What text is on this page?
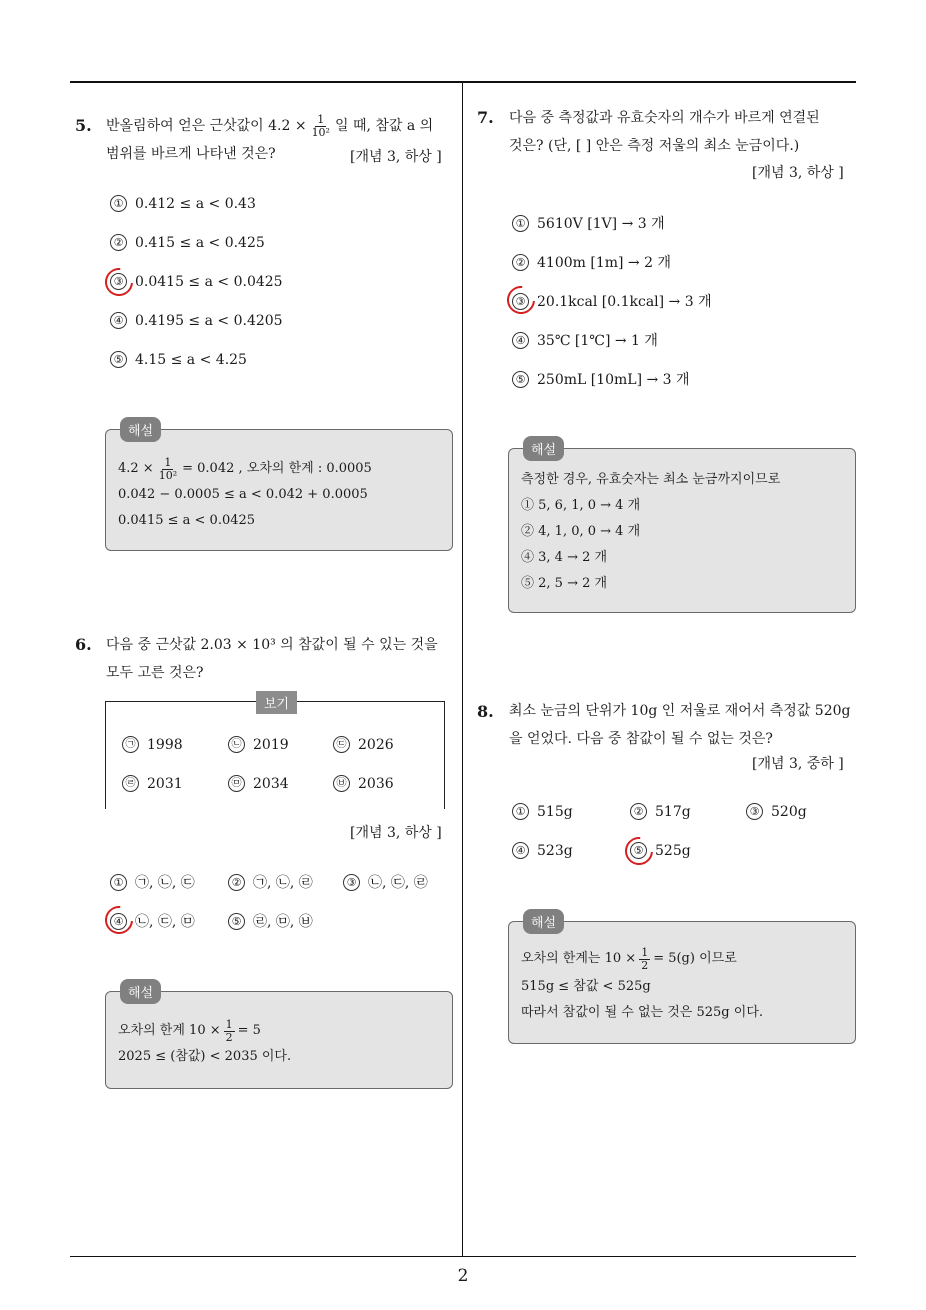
5. 반올림하여 얻은 근삿값이 $4.2 \times \frac{1}{\text{10²}}$ 일 때, 참값 a 의
범위를 바르게 나타낸 것은?	[개념 3, 하상 ]
① 0.412 ≤ a < 0.43
② 0.415 ≤ a < 0.425
③ 0.0415 ≤ a < 0.0425
④ 0.4195 ≤ a < 0.4205
⑤ 4.15 ≤ a < 4.25
해설
$4.2 \times \frac{1}{\text{10²}} = 0.042$ , 오차의 한계 : 0.0005
0.042 − 0.0005 ≤ a < 0.042 + 0.0005
0.0415 ≤ a < 0.0425
6. 다음 중 근삿값 2.03 × 10³ 의 참값이 될 수 있는 것을
모두 고른 것은?
보기
㉠ 1998	㉡ 2019	㉢ 2026
㉣ 2031	㉤ 2034	㉥ 2036
[개념 3, 하상 ]
① ㉠, ㉡, ㉢	② ㉠, ㉡, ㉣	③ ㉡, ㉢, ㉣
④ ㉡, ㉢, ㉤	⑤ ㉣, ㉤, ㉥
해설
오차의 한계 $10 \times \frac{1}{2} = 5$
2025 ≤ (참값) < 2035 이다.
7. 다음 중 측정값과 유효숫자의 개수가 바르게 연결된
것은? (단, [ ] 안은 측정 저울의 최소 눈금이다.)
[개념 3, 하상 ]
① 5610V [1V] → 3 개
② 4100m [1m] → 2 개
③ 20.1kcal [0.1kcal] → 3 개
④ 35℃ [1℃] → 1 개
⑤ 250mL [10mL] → 3 개
해설
측정한 경우, 유효숫자는 최소 눈금까지이므로
① 5, 6, 1, 0 → 4 개
② 4, 1, 0, 0 → 4 개
④ 3, 4 → 2 개
⑤ 2, 5 → 2 개
8. 최소 눈금의 단위가 10g 인 저울로 재어서 측정값 520g
을 얻었다. 다음 중 참값이 될 수 없는 것은?
[개념 3, 중하 ]
① 515g	② 517g	③ 520g
④ 523g	⑤ 525g
해설
오차의 한계는 $10 \times \frac{1}{2} = 5(g)$ 이므로
515g ≤ 참값 < 525g
따라서 참값이 될 수 없는 것은 525g 이다.
2
